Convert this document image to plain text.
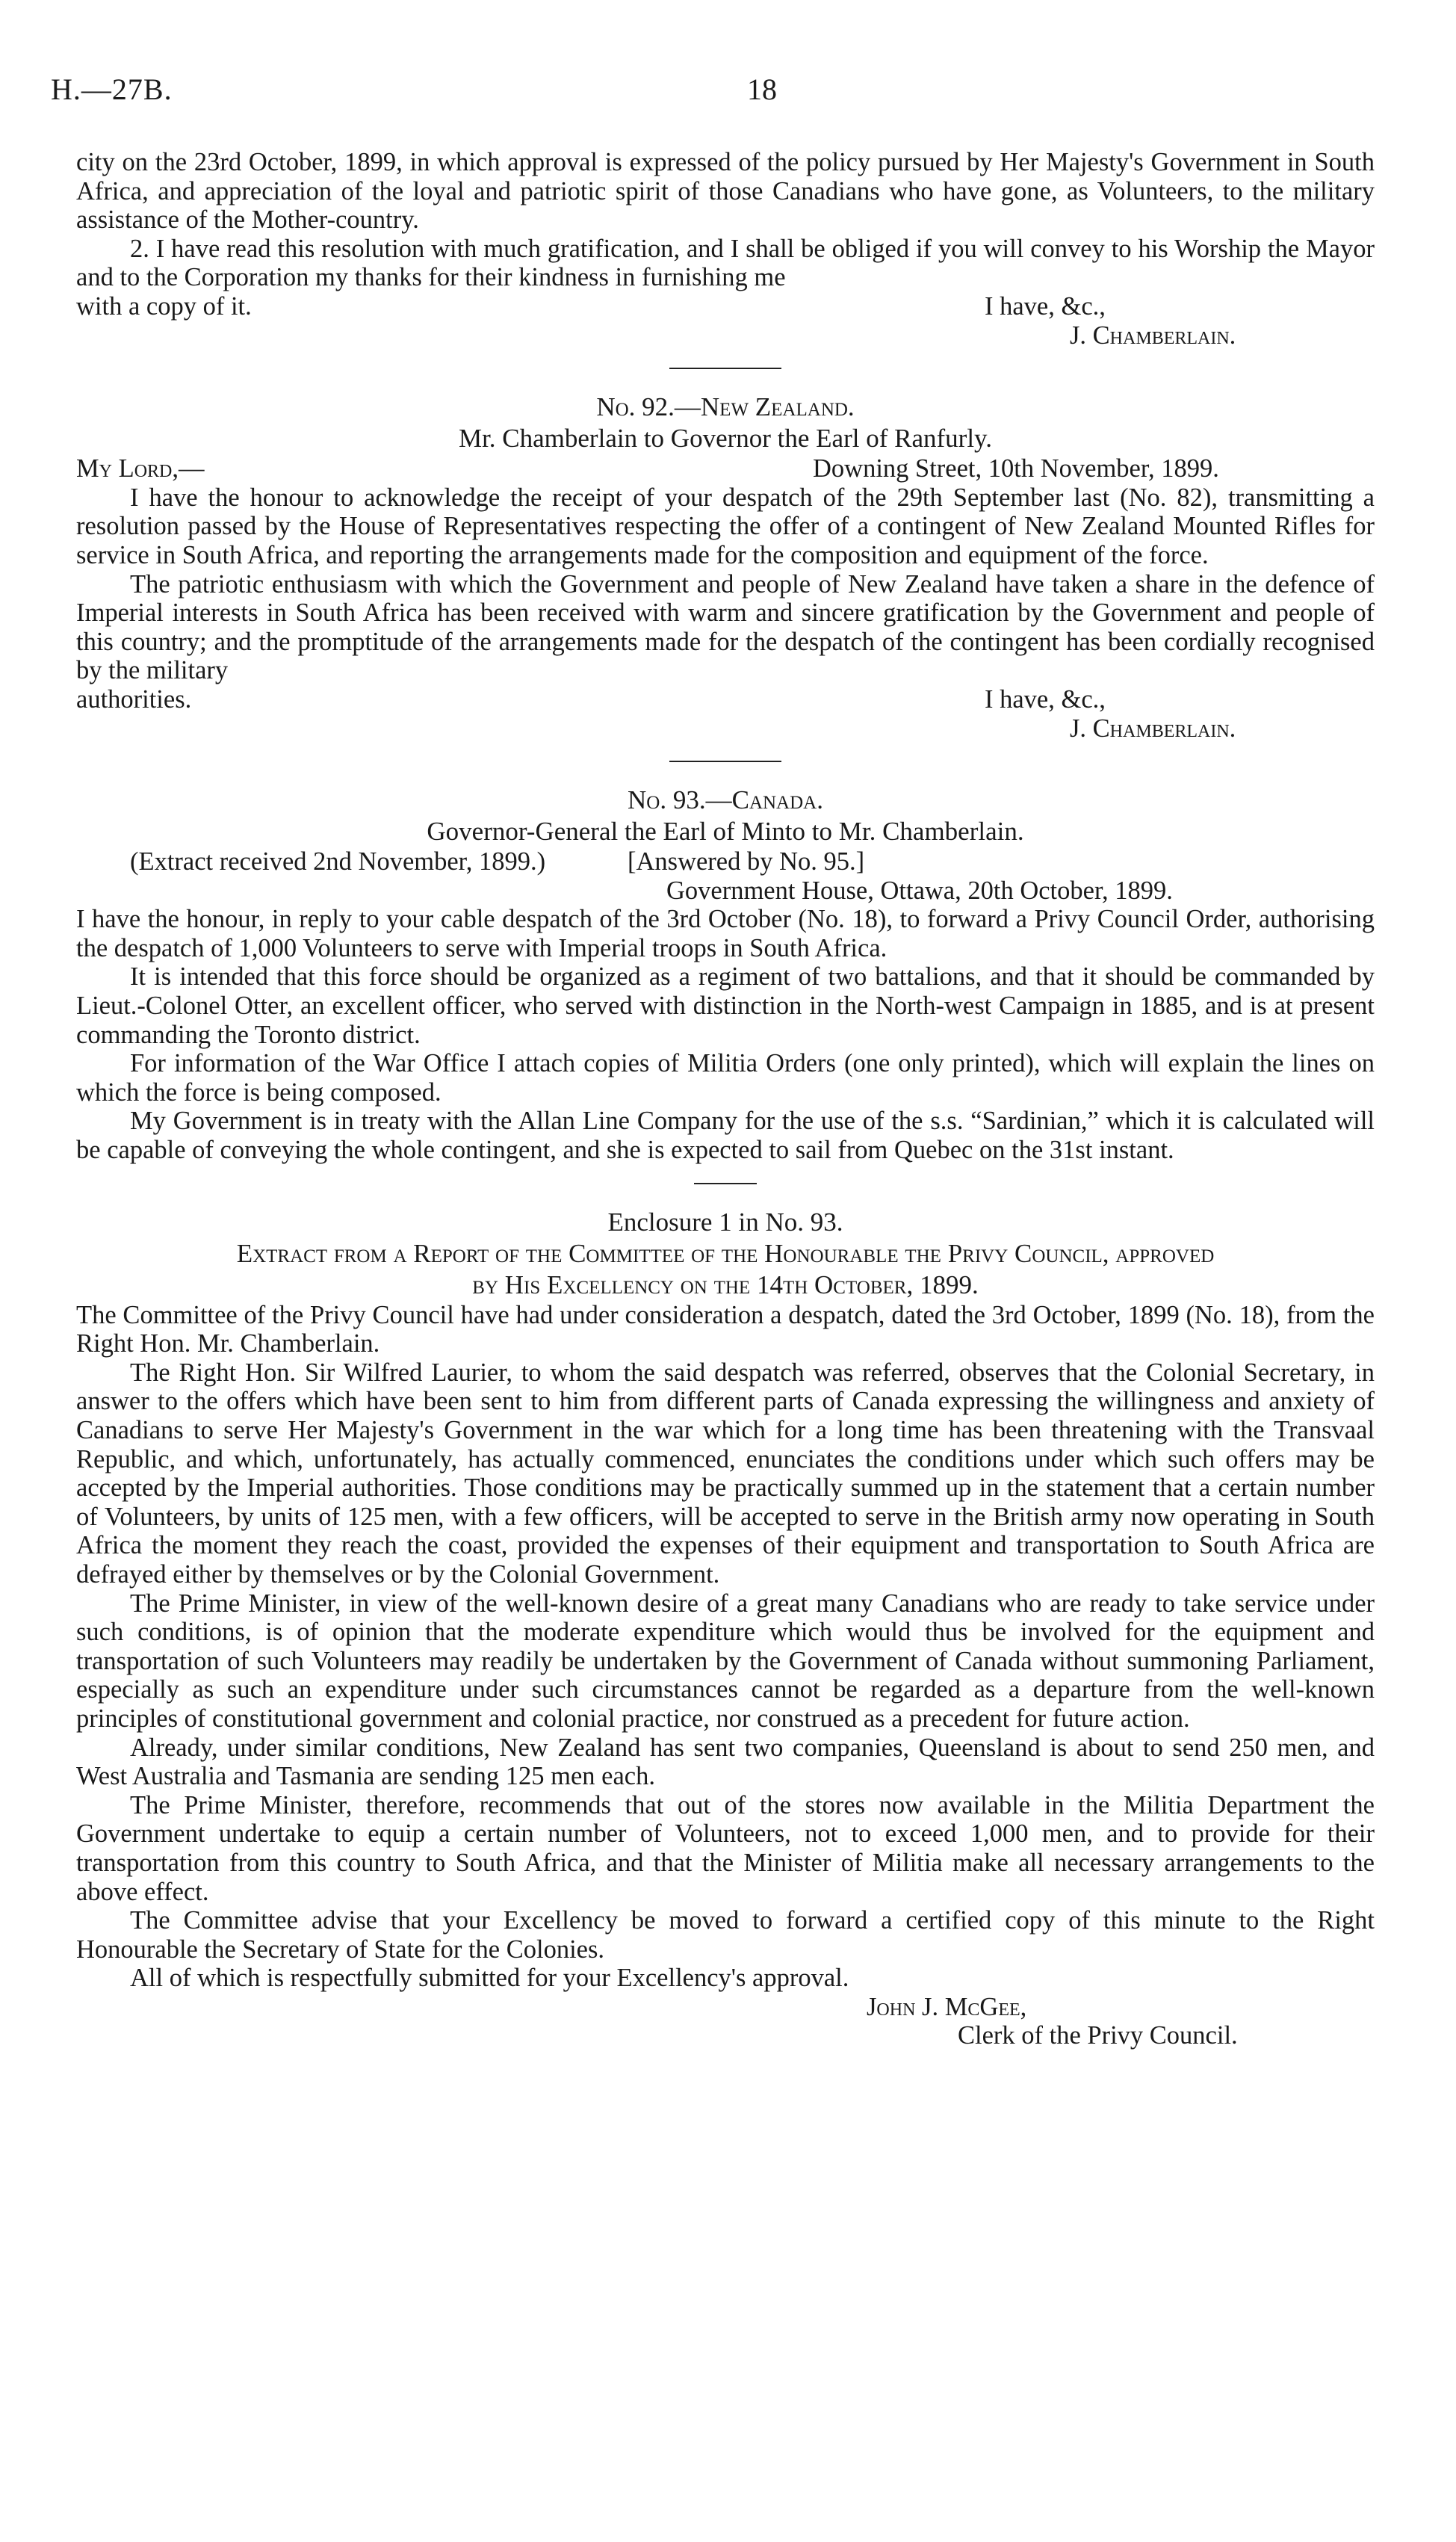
H.—27B.	18

city on the 23rd October, 1899, in which approval is expressed of the policy pursued by Her Majesty's Government in South Africa, and appreciation of the loyal and patriotic spirit of those Canadians who have gone, as Volunteers, to the military assistance of the Mother-country.

2. I have read this resolution with much gratification, and I shall be obliged if you will convey to his Worship the Mayor and to the Corporation my thanks for their kindness in furnishing me

with a copy of it.	I have, &c.,
J. Chamberlain.

No. 92.—New Zealand.

Mr. Chamberlain to Governor the Earl of Ranfurly.

My Lord,—	Downing Street, 10th November, 1899.

I have the honour to acknowledge the receipt of your despatch of the 29th September last (No. 82), transmitting a resolution passed by the House of Representatives respecting the offer of a contingent of New Zealand Mounted Rifles for service in South Africa, and reporting the arrangements made for the composition and equipment of the force.

The patriotic enthusiasm with which the Government and people of New Zealand have taken a share in the defence of Imperial interests in South Africa has been received with warm and sincere gratification by the Government and people of this country; and the promptitude of the arrangements made for the despatch of the contingent has been cordially recognised by the military

authorities.	I have, &c.,
J. Chamberlain.

No. 93.—Canada.

Governor-General the Earl of Minto to Mr. Chamberlain.

(Extract received 2nd November, 1899.)	[Answered by No. 95.]
Government House, Ottawa, 20th October, 1899.

I have the honour, in reply to your cable despatch of the 3rd October (No. 18), to forward a Privy Council Order, authorising the despatch of 1,000 Volunteers to serve with Imperial troops in South Africa.

It is intended that this force should be organized as a regiment of two battalions, and that it should be commanded by Lieut.-Colonel Otter, an excellent officer, who served with distinction in the North-west Campaign in 1885, and is at present commanding the Toronto district.

For information of the War Office I attach copies of Militia Orders (one only printed), which will explain the lines on which the force is being composed.

My Government is in treaty with the Allan Line Company for the use of the s.s. “Sardinian,” which it is calculated will be capable of conveying the whole contingent, and she is expected to sail from Quebec on the 31st instant.

Enclosure 1 in No. 93.

Extract from a Report of the Committee of the Honourable the Privy Council, approved

by His Excellency on the 14th October, 1899.

The Committee of the Privy Council have had under consideration a despatch, dated the 3rd October, 1899 (No. 18), from the Right Hon. Mr. Chamberlain.

The Right Hon. Sir Wilfred Laurier, to whom the said despatch was referred, observes that the Colonial Secretary, in answer to the offers which have been sent to him from different parts of Canada expressing the willingness and anxiety of Canadians to serve Her Majesty's Government in the war which for a long time has been threatening with the Transvaal Republic, and which, unfortunately, has actually commenced, enunciates the conditions under which such offers may be accepted by the Imperial authorities. Those conditions may be practically summed up in the statement that a certain number of Volunteers, by units of 125 men, with a few officers, will be accepted to serve in the British army now operating in South Africa the moment they reach the coast, provided the expenses of their equipment and transportation to South Africa are defrayed either by themselves or by the Colonial Government.

The Prime Minister, in view of the well-known desire of a great many Canadians who are ready to take service under such conditions, is of opinion that the moderate expenditure which would thus be involved for the equipment and transportation of such Volunteers may readily be undertaken by the Government of Canada without summoning Parliament, especially as such an expenditure under such circumstances cannot be regarded as a departure from the well-known principles of constitutional government and colonial practice, nor construed as a precedent for future action.

Already, under similar conditions, New Zealand has sent two companies, Queensland is about to send 250 men, and West Australia and Tasmania are sending 125 men each.

The Prime Minister, therefore, recommends that out of the stores now available in the Militia Department the Government undertake to equip a certain number of Volunteers, not to exceed 1,000 men, and to provide for their transportation from this country to South Africa, and that the Minister of Militia make all necessary arrangements to the above effect.

The Committee advise that your Excellency be moved to forward a certified copy of this minute to the Right Honourable the Secretary of State for the Colonies.

All of which is respectfully submitted for your Excellency's approval.

John J. McGee,
Clerk of the Privy Council.
